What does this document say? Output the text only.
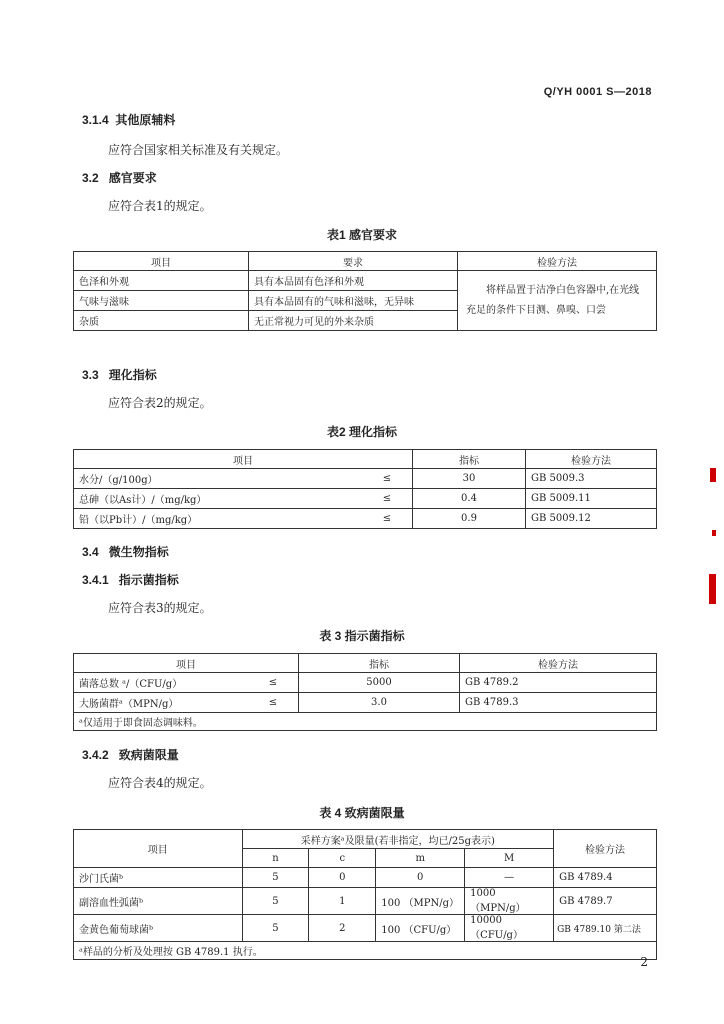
Q/YH 0001 S—2018
3.1.4 其他原辅料
应符合国家相关标准及有关规定。
3.2 感官要求
应符合表1的规定。
表1 感官要求
项目	要求	检验方法
色泽和外观	具有本品固有色泽和外观	将样品置于洁净白色容器中,在光线充足的条件下目测、鼻嗅、口尝
气味与滋味	具有本品固有的气味和滋味，无异味	
杂质	无正常视力可见的外来杂质	
3.3 理化指标
应符合表2的规定。
表2 理化指标
项目		指标	检验方法
水分/（g/100g）	≤	30	GB 5009.3
总砷（以As计）/（mg/kg）	≤	0.4	GB 5009.11
铅（以Pb计）/（mg/kg）	≤	0.9	GB 5009.12
3.4 微生物指标
3.4.1 指示菌指标
应符合表3的规定。
表 3 指示菌指标
项目		指标	检验方法
菌落总数 ᵃ/（CFU/g）	≤	5000	GB 4789.2
大肠菌群ᵃ（MPN/g）	≤	3.0	GB 4789.3
ᵃ仅适用于即食固态调味料。			
3.4.2 致病菌限量
应符合表4的规定。
表 4 致病菌限量
项目	采样方案ᵃ及限量(若非指定，均已/25g表示)				检验方法
	n	c	m	M	
沙门氏菌ᵇ	5	0	0	—	GB 4789.4
副溶血性弧菌ᵇ	5	1	100 （MPN/g）	1000 （MPN/g）	GB 4789.7
金黄色葡萄球菌ᵇ	5	2	100 （CFU/g）	10000 （CFU/g）	GB 4789.10 第二法
ᵃ样品的分析及处理按 GB 4789.1 执行。					
2
